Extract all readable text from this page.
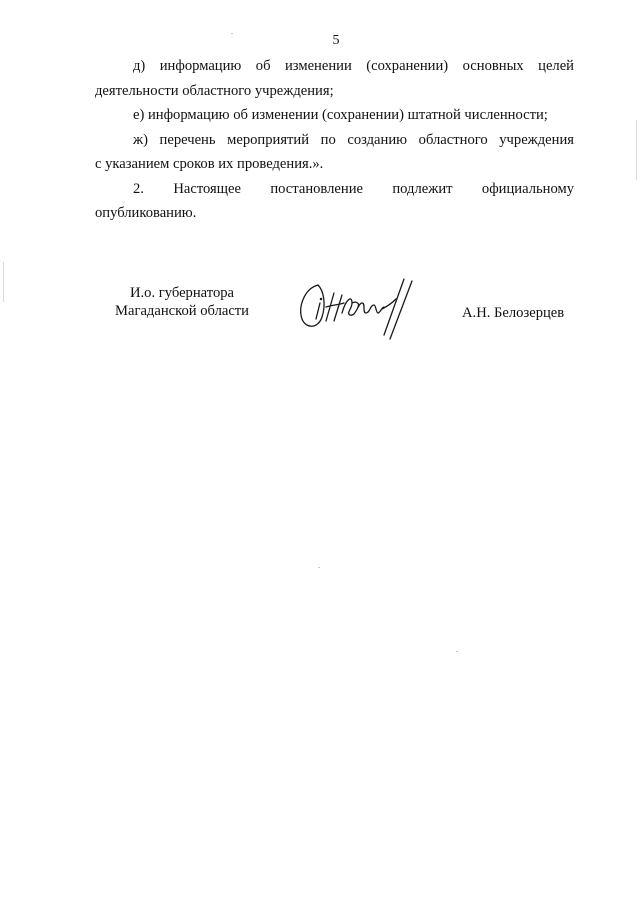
5

д) информацию об изменении (сохранении) основных целей
деятельности областного учреждения;

е) информацию об изменении (сохранении) штатной численности;

ж) перечень мероприятий по созданию областного учреждения
с указанием сроков их проведения.».

2. Настоящее постановление подлежит официальному
опубликованию.

И.о. губернатора
Магаданской области	А.Н. Белозерцев
